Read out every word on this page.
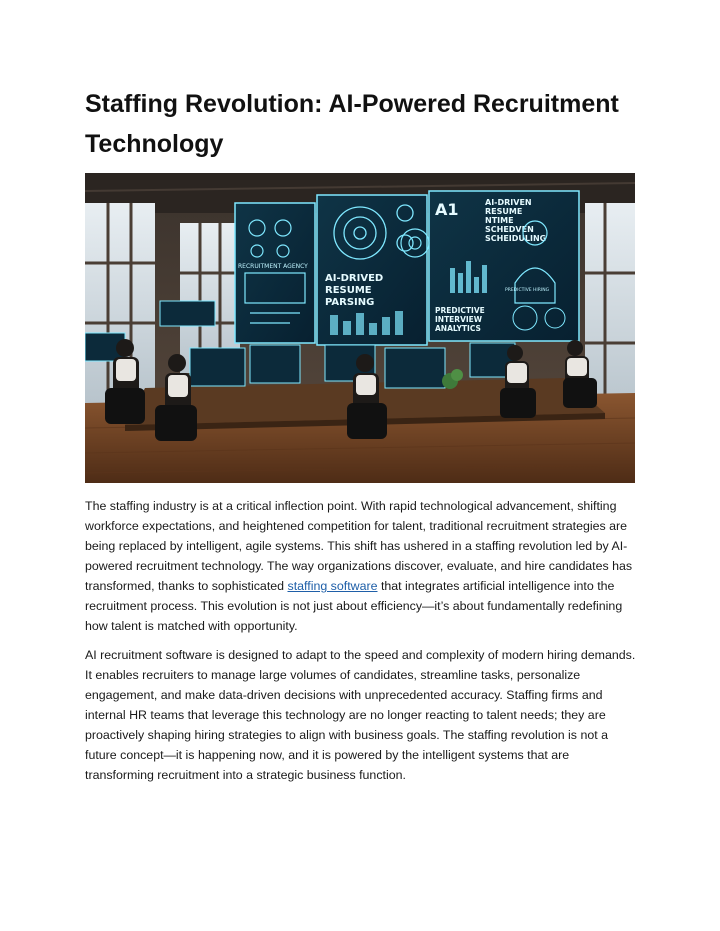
Staffing Revolution: AI-Powered Recruitment Technology
RECRUITMENT AGENCY
AI-DRIVED
RESUME
PARSING
A1	AI-DRIVEN
RESUME
NTIME
SCHEDVEN
SCHEIDULING
PREDICTIVE
INTERVIEW
ANALYTICS
PREDICTIVE HIRING

The staffing industry is at a critical inflection point. With rapid technological advancement, shifting workforce expectations, and heightened competition for talent, traditional recruitment strategies are being replaced by intelligent, agile systems. This shift has ushered in a staffing revolution led by AI-powered recruitment technology. The way organizations discover, evaluate, and hire candidates has transformed, thanks to sophisticated staffing software that integrates artificial intelligence into the recruitment process. This evolution is not just about efficiency—it’s about fundamentally redefining how talent is matched with opportunity.

AI recruitment software is designed to adapt to the speed and complexity of modern hiring demands. It enables recruiters to manage large volumes of candidates, streamline tasks, personalize engagement, and make data-driven decisions with unprecedented accuracy. Staffing firms and internal HR teams that leverage this technology are no longer reacting to talent needs; they are proactively shaping hiring strategies to align with business goals. The staffing revolution is not a future concept—it is happening now, and it is powered by the intelligent systems that are transforming recruitment into a strategic business function.
